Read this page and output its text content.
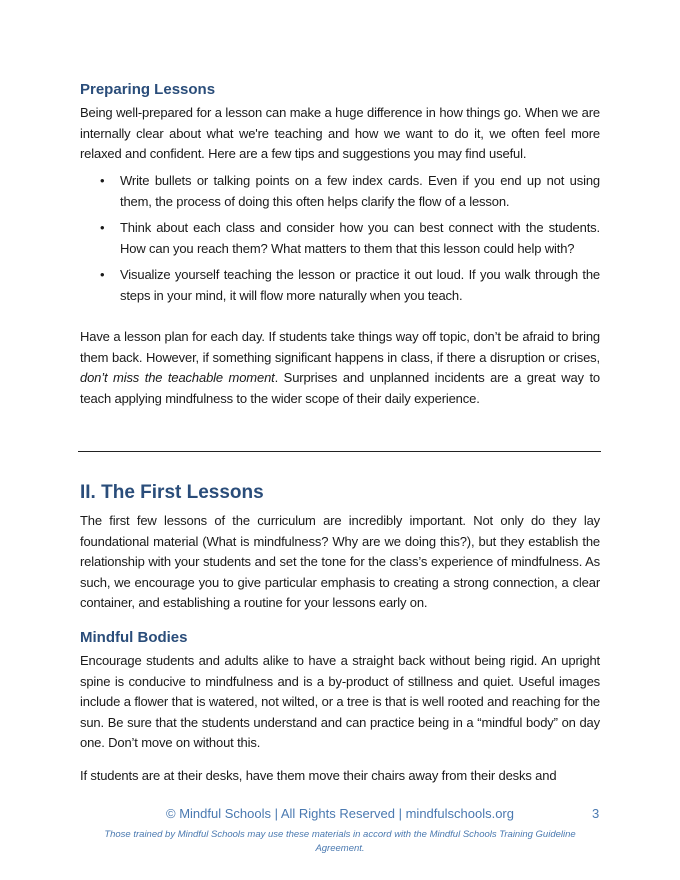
Preparing Lessons

Being well-prepared for a lesson can make a huge difference in how things go. When we are internally clear about what we're teaching and how we want to do it, we often feel more relaxed and confident. Here are a few tips and suggestions you may find useful.

• Write bullets or talking points on a few index cards. Even if you end up not using them, the process of doing this often helps clarify the flow of a lesson.
• Think about each class and consider how you can best connect with the students. How can you reach them? What matters to them that this lesson could help with?
• Visualize yourself teaching the lesson or practice it out loud. If you walk through the steps in your mind, it will flow more naturally when you teach.

Have a lesson plan for each day. If students take things way off topic, don’t be afraid to bring them back. However, if something significant happens in class, if there a disruption or crises, don’t miss the teachable moment. Surprises and unplanned incidents are a great way to teach applying mindfulness to the wider scope of their daily experience.

II. The First Lessons

The first few lessons of the curriculum are incredibly important. Not only do they lay foundational material (What is mindfulness? Why are we doing this?), but they establish the relationship with your students and set the tone for the class’s experience of mindfulness. As such, we encourage you to give particular emphasis to creating a strong connection, a clear container, and establishing a routine for your lessons early on.

Mindful Bodies

Encourage students and adults alike to have a straight back without being rigid. An upright spine is conducive to mindfulness and is a by-product of stillness and quiet. Useful images include a flower that is watered, not wilted, or a tree is that is well rooted and reaching for the sun. Be sure that the students understand and can practice being in a “mindful body” on day one. Don’t move on without this.

If students are at their desks, have them move their chairs away from their desks and

© Mindful Schools | All Rights Reserved | mindfulschools.org	3
Those trained by Mindful Schools may use these materials in accord with the Mindful Schools Training Guideline Agreement.
